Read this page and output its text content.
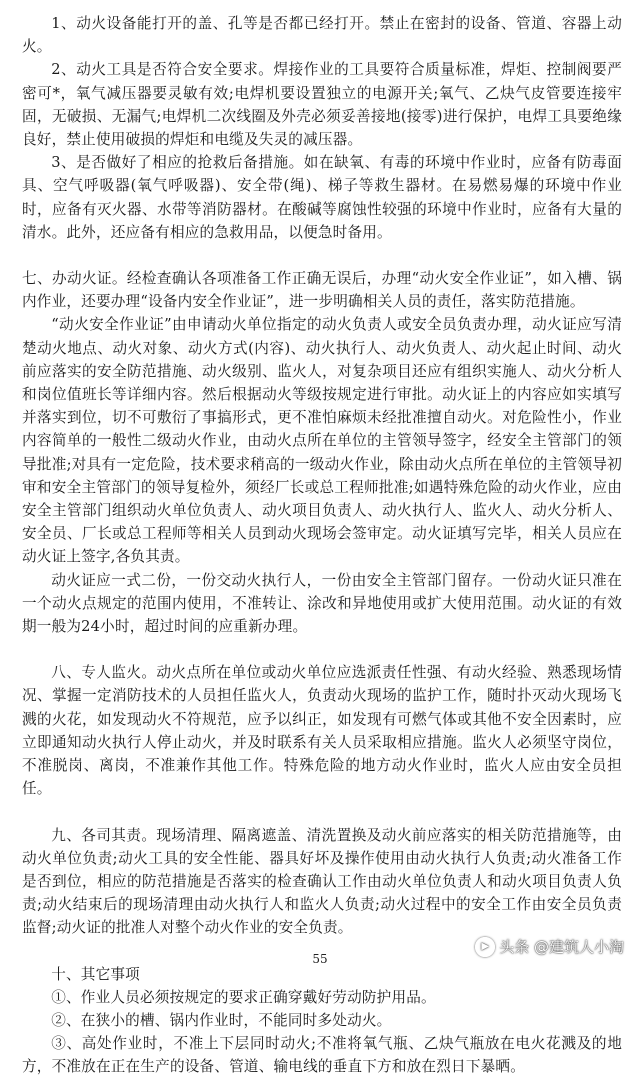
1、动火设备能打开的盖、孔等是否都已经打开。禁止在密封的设备、管道、容器上动火。

2、动火工具是否符合安全要求。焊接作业的工具要符合质量标准，焊炬、控制阀要严密可*，氧气减压器要灵敏有效;电焊机要设置独立的电源开关;氧气、乙炔气皮管要连接牢固，无破损、无漏气;电焊机二次线圈及外壳必须妥善接地(接零)进行保护，电焊工具要绝缘良好，禁止使用破损的焊炬和电缆及失灵的减压器。

3、是否做好了相应的抢救后备措施。如在缺氧、有毒的环境中作业时，应备有防毒面具、空气呼吸器(氧气呼吸器)、安全带(绳)、梯子等救生器材。在易燃易爆的环境中作业时，应备有灭火器、水带等消防器材。在酸碱等腐蚀性较强的环境中作业时，应备有大量的清水。此外，还应备有相应的急救用品，以便急时备用。

七、办动火证。经检查确认各项准备工作正确无误后，办理“动火安全作业证”，如入槽、锅内作业，还要办理“设备内安全作业证”，进一步明确相关人员的责任，落实防范措施。

“动火安全作业证”由申请动火单位指定的动火负责人或安全员负责办理，动火证应写清楚动火地点、动火对象、动火方式(内容)、动火执行人、动火负责人、动火起止时间、动火前应落实的安全防范措施、动火级别、监火人，对复杂项目还应有组织实施人、动火分析人和岗位值班长等详细内容。然后根据动火等级按规定进行审批。动火证上的内容应如实填写并落实到位，切不可敷衍了事搞形式，更不准怕麻烦未经批准擅自动火。对危险性小，作业内容简单的一般性二级动火作业，由动火点所在单位的主管领导签字，经安全主管部门的领导批准;对具有一定危险，技术要求稍高的一级动火作业，除由动火点所在单位的主管领导初审和安全主管部门的领导复检外，须经厂长或总工程师批准;如遇特殊危险的动火作业，应由安全主管部门组织动火单位负责人、动火项目负责人、动火执行人、监火人、动火分析人、安全员、厂长或总工程师等相关人员到动火现场会签审定。动火证填写完毕，相关人员应在动火证上签字,各负其责。

动火证应一式二份，一份交动火执行人，一份由安全主管部门留存。一份动火证只准在一个动火点规定的范围内使用，不准转让、涂改和异地使用或扩大使用范围。动火证的有效期一般为24小时，超过时间的应重新办理。

八、专人监火。动火点所在单位或动火单位应选派责任性强、有动火经验、熟悉现场情况、掌握一定消防技术的人员担任监火人，负责动火现场的监护工作，随时扑灭动火现场飞溅的火花，如发现动火不符规范，应予以纠正，如发现有可燃气体或其他不安全因素时，应立即通知动火执行人停止动火，并及时联系有关人员采取相应措施。监火人必须坚守岗位，不准脱岗、离岗，不准兼作其他工作。特殊危险的地方动火作业时，监火人应由安全员担任。

九、各司其责。现场清理、隔离遮盖、清洗置换及动火前应落实的相关防范措施等，由动火单位负责;动火工具的安全性能、器具好坏及操作使用由动火执行人负责;动火准备工作是否到位，相应的防范措施是否落实的检查确认工作由动火单位负责人和动火项目负责人负责;动火结束后的现场清理由动火执行人和监火人负责;动火过程中的安全工作由安全员负责监督;动火证的批准人对整个动火作业的安全负责。

十、其它事项

①、作业人员必须按规定的要求正确穿戴好劳动防护用品。

②、在狭小的槽、锅内作业时，不能同时多处动火。

③、高处作业时，不准上下层同时动火;不准将氧气瓶、乙炔气瓶放在电火花溅及的地方，不准放在正在生产的设备、管道、输电线的垂直下方和放在烈日下暴晒。

55
▶ 头条 @建筑人小淘
